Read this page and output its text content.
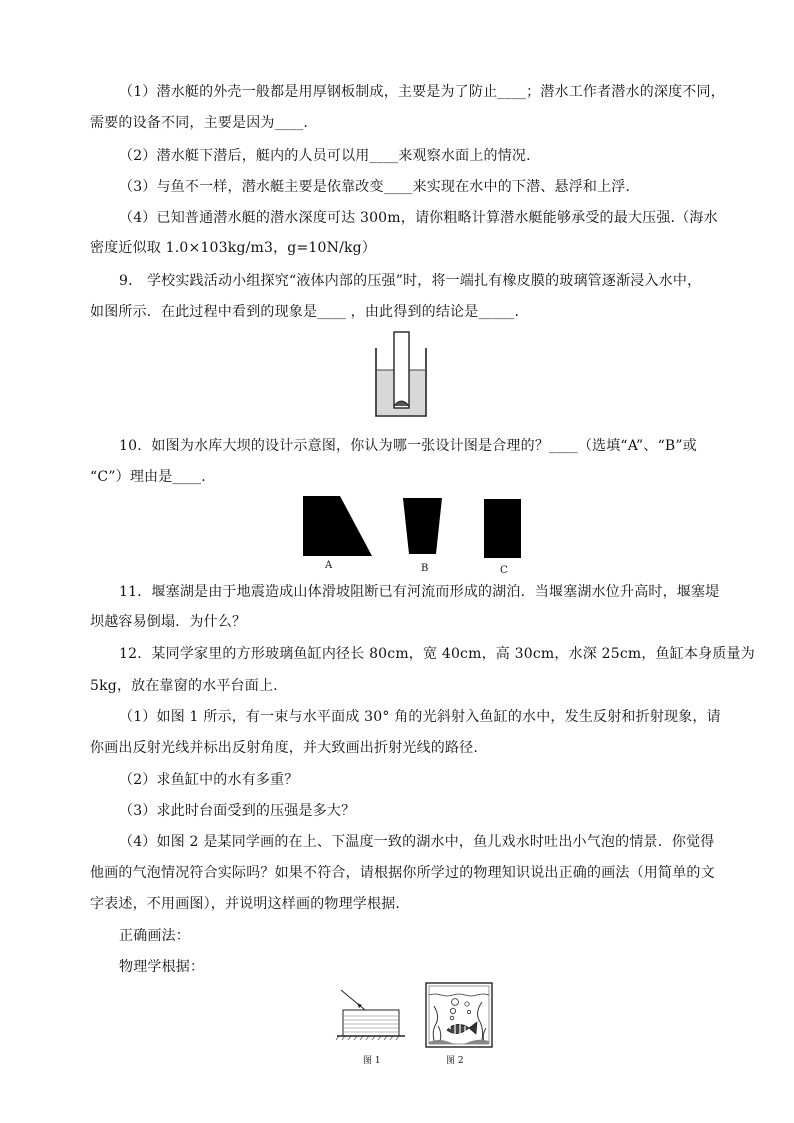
（1）潜水艇的外壳一般都是用厚钢板制成，主要是为了防止____；潜水工作者潜水的深度不同，
需要的设备不同，主要是因为____.
（2）潜水艇下潜后，艇内的人员可以用____来观察水面上的情况.
（3）与鱼不一样，潜水艇主要是依靠改变____来实现在水中的下潜、悬浮和上浮.
（4）已知普通潜水艇的潜水深度可达 300m，请你粗略计算潜水艇能够承受的最大压强.（海水
密度近似取 1.0×103kg/m3，g=10N/kg）
9． 学校实践活动小组探究“液体内部的压强”时，将一端扎有橡皮膜的玻璃管逐渐浸入水中，
如图所示．在此过程中看到的现象是____ ，由此得到的结论是_____.
10．如图为水库大坝的设计示意图，你认为哪一张设计图是合理的？____（选填“A”、“B”或
“C”）理由是____.
A	B	C
11．堰塞湖是由于地震造成山体滑坡阻断已有河流而形成的湖泊．当堰塞湖水位升高时，堰塞堤
坝越容易倒塌．为什么？
12．某同学家里的方形玻璃鱼缸内径长 80cm，宽 40cm，高 30cm，水深 25cm，鱼缸本身质量为
5kg，放在靠窗的水平台面上.
（1）如图 1 所示，有一束与水平面成 30° 角的光斜射入鱼缸的水中，发生反射和折射现象，请
你画出反射光线并标出反射角度，并大致画出折射光线的路径.
（2）求鱼缸中的水有多重？
（3）求此时台面受到的压强是多大？
（4）如图 2 是某同学画的在上、下温度一致的湖水中，鱼儿戏水时吐出小气泡的情景．你觉得
他画的气泡情况符合实际吗？如果不符合，请根据你所学过的物理知识说出正确的画法（用简单的文
字表述，不用画图），并说明这样画的物理学根据.
正确画法：
物理学根据：
图 1	图 2
